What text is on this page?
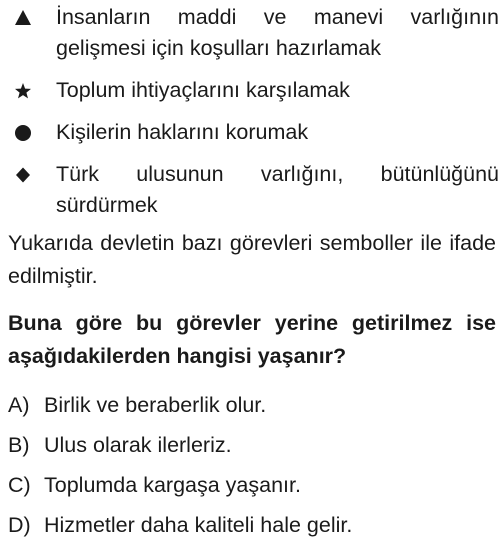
İnsanların maddi ve manevi varlığının gelişmesi için koşulları hazırlamak
Toplum ihtiyaçlarını karşılamak
Kişilerin haklarını korumak
Türk ulusunun varlığını, bütünlüğünü sürdürmek
Yukarıda devletin bazı görevleri semboller ile ifade edilmiştir.
Buna göre bu görevler yerine getirilmez ise aşağıdakilerden hangisi yaşanır?
A) Birlik ve beraberlik olur.
B) Ulus olarak ilerleriz.
C) Toplumda kargaşa yaşanır.
D) Hizmetler daha kaliteli hale gelir.
